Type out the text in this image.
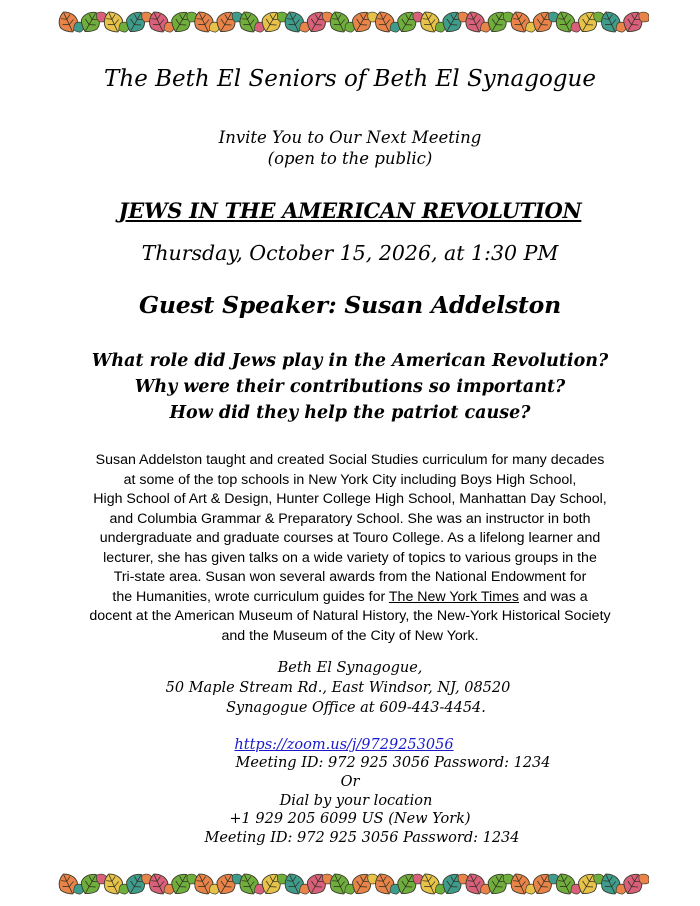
The Beth El Seniors of Beth El Synagogue
Invite You to Our Next Meeting
(open to the public)
JEWS IN THE AMERICAN REVOLUTION
Thursday, October 15, 2026, at 1:30 PM
Guest Speaker: Susan Addelston
What role did Jews play in the American Revolution?
Why were their contributions so important?
How did they help the patriot cause?
Susan Addelston taught and created Social Studies curriculum for many decades
at some of the top schools in New York City including Boys High School,
High School of Art & Design, Hunter College High School, Manhattan Day School,
and Columbia Grammar & Preparatory School. She was an instructor in both
undergraduate and graduate courses at Touro College. As a lifelong learner and
lecturer, she has given talks on a wide variety of topics to various groups in the
Tri-state area. Susan won several awards from the National Endowment for
the Humanities, wrote curriculum guides for The New York Times and was a
docent at the American Museum of Natural History, the New-York Historical Society
and the Museum of the City of New York.
Beth El Synagogue,
50 Maple Stream Rd., East Windsor, NJ, 08520
Synagogue Office at 609-443-4454.
https://zoom.us/j/9729253056
Meeting ID: 972 925 3056 Password: 1234
Or
Dial by your location
+1 929 205 6099 US (New York)
Meeting ID: 972 925 3056 Password: 1234
